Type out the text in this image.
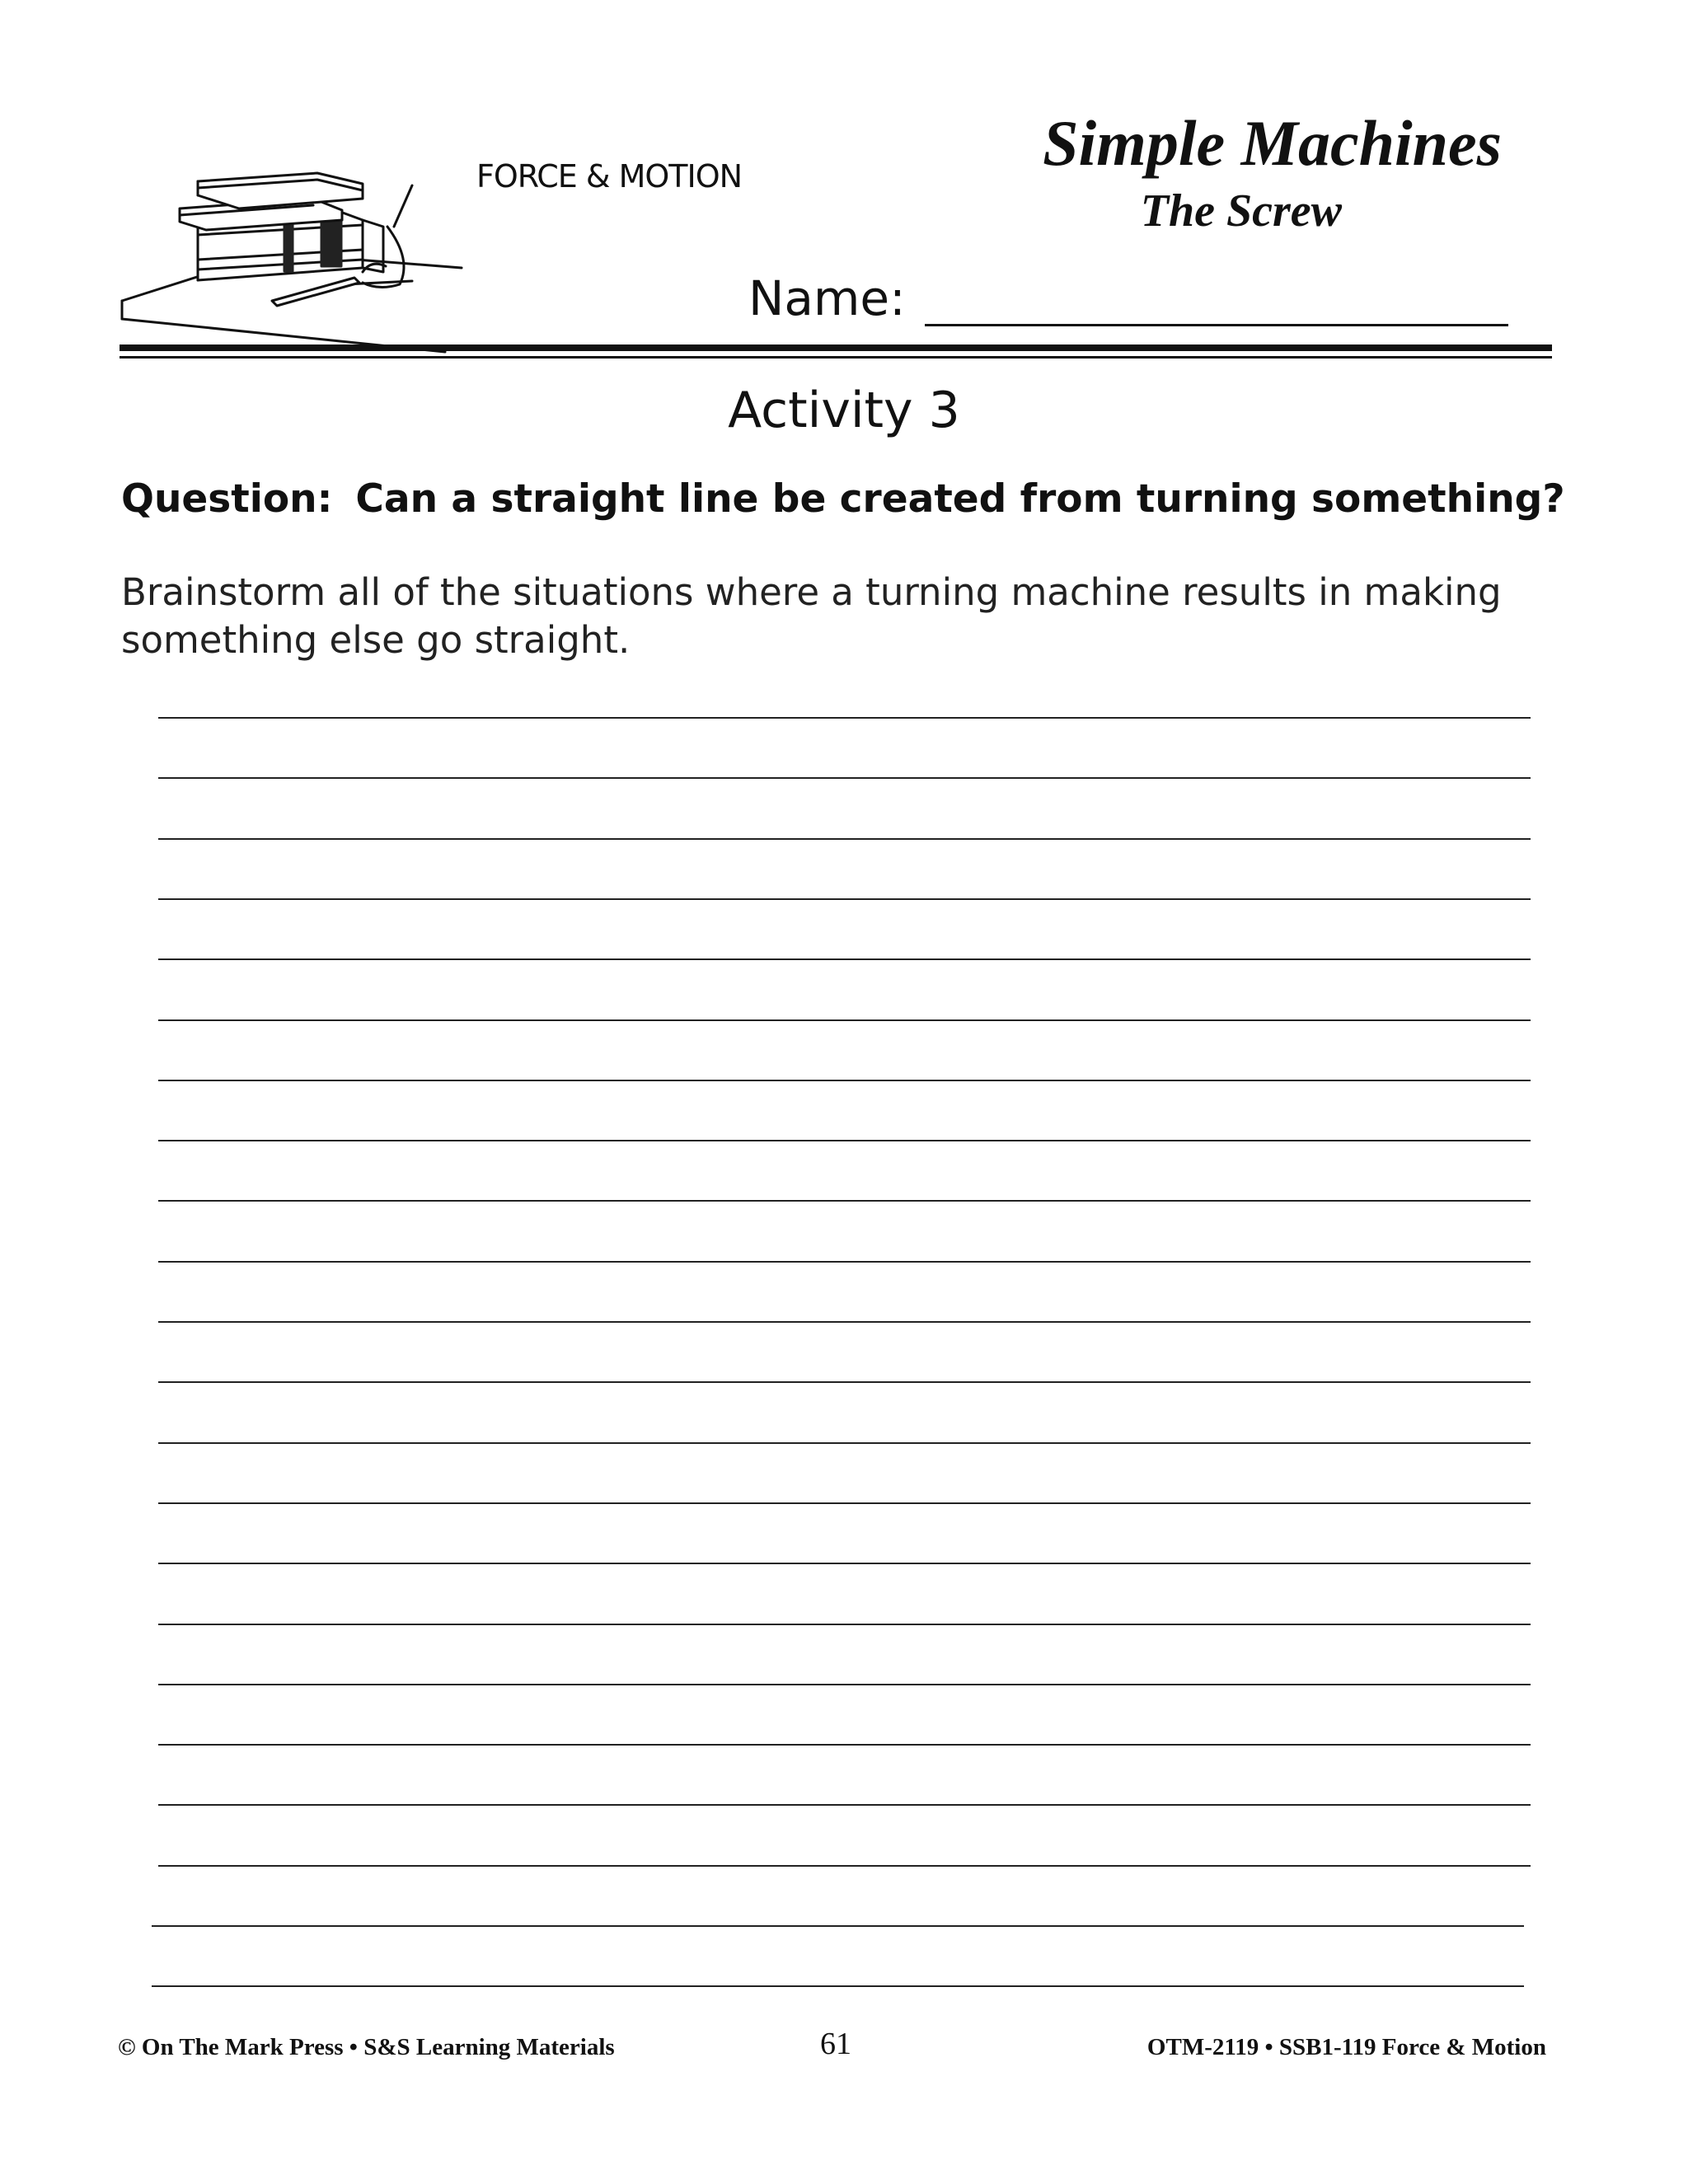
FORCE & MOTION	Simple Machines
The Screw
Name:
Activity 3
Question: Can a straight line be created from turning something?
Brainstorm all of the situations where a turning machine results in making
something else go straight.
© On The Mark Press • S&S Learning Materials	61	OTM-2119 • SSB1-119 Force & Motion
